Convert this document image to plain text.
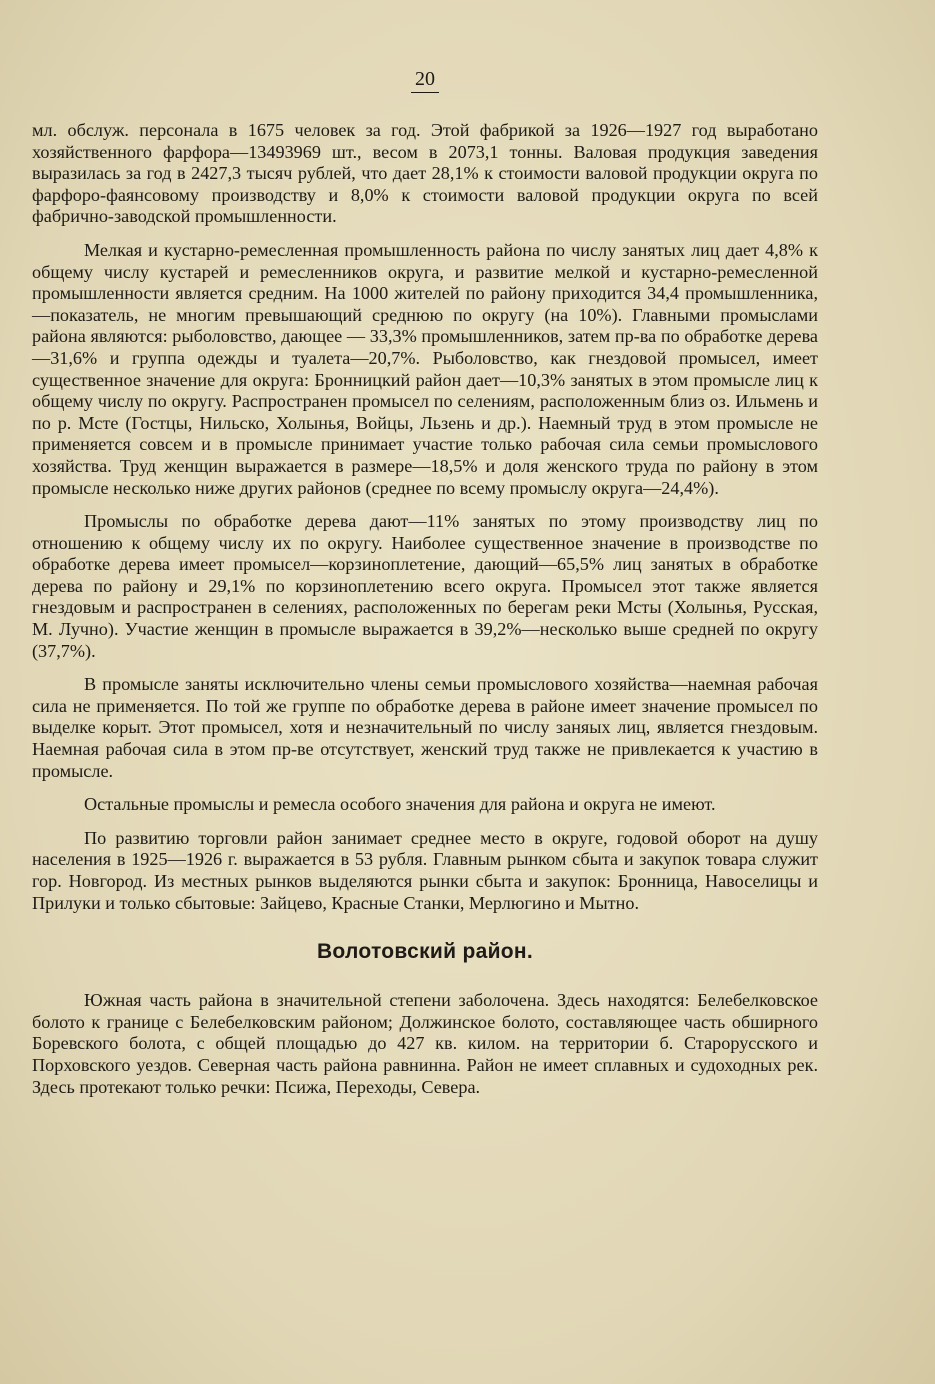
20

мл. обслуж. персонала в 1675 человек за год. Этой фабрикой за 1926—1927 год выработано хозяйственного фарфора—13493969 шт., весом в 2073,1 тонны. Валовая продукция заведения выразилась за год в 2427,3 тысяч рублей, что дает 28,1% к стоимости валовой продукции округа по фарфоро-фаянсовому производству и 8,0% к стоимости валовой продукции округа по всей фабрично-заводской промышленности.

Мелкая и кустарно-ремесленная промышленность района по числу занятых лиц дает 4,8% к общему числу кустарей и ремесленников округа, и развитие мелкой и кустарно-ремесленной промышленности является средним. На 1000 жителей по району приходится 34,4 промышленника,—показатель, не многим превышающий среднюю по округу (на 10%). Главными промыслами района являются: рыболовство, дающее — 33,3% промышленников, затем пр-ва по обработке дерева—31,6% и группа одежды и туалета—20,7%. Рыболовство, как гнездовой промысел, имеет существенное значение для округа: Бронницкий район дает—10,3% занятых в этом промысле лиц к общему числу по округу. Распространен промысел по селениям, расположенным близ оз. Ильмень и по р. Мсте (Гостцы, Нильско, Холынья, Войцы, Льзень и др.). Наемный труд в этом промысле не применяется совсем и в промысле принимает участие только рабочая сила семьи промыслового хозяйства. Труд женщин выражается в размере—18,5% и доля женского труда по району в этом промысле несколько ниже других районов (среднее по всему промыслу округа—24,4%).

Промыслы по обработке дерева дают—11% занятых по этому производству лиц по отношению к общему числу их по округу. Наиболее существенное значение в производстве по обработке дерева имеет промысел—корзиноплетение, дающий—65,5% лиц занятых в обработке дерева по району и 29,1% по корзиноплетению всего округа. Промысел этот также является гнездовым и распространен в селениях, расположенных по берегам реки Мсты (Холынья, Русская, М. Лучно). Участие женщин в промысле выражается в 39,2%—несколько выше средней по округу (37,7%).

В промысле заняты исключительно члены семьи промыслового хозяйства—наемная рабочая сила не применяется. По той же группе по обработке дерева в районе имеет значение промысел по выделке корыт. Этот промысел, хотя и незначительный по числу заняых лиц, является гнездовым. Наемная рабочая сила в этом пр-ве отсутствует, женский труд также не привлекается к участию в промысле.

Остальные промыслы и ремесла особого значения для района и округа не имеют.

По развитию торговли район занимает среднее место в округе, годовой оборот на душу населения в 1925—1926 г. выражается в 53 рубля. Главным рынком сбыта и закупок товара служит гор. Новгород. Из местных рынков выделяются рынки сбыта и закупок: Бронница, Навоселицы и Прилуки и только сбытовые: Зайцево, Красные Станки, Мерлюгино и Мытно.

Волотовский район.

Южная часть района в значительной степени заболочена. Здесь находятся: Белебелковское болото к границе с Белебелковским районом; Должинское болото, составляющее часть обширного Боревского болота, с общей площадью до 427 кв. килом. на территории б. Старорусского и Порховского уездов. Северная часть района равнинна. Район не имеет сплавных и судоходных рек. Здесь протекают только речки: Псижа, Переходы, Севера.
